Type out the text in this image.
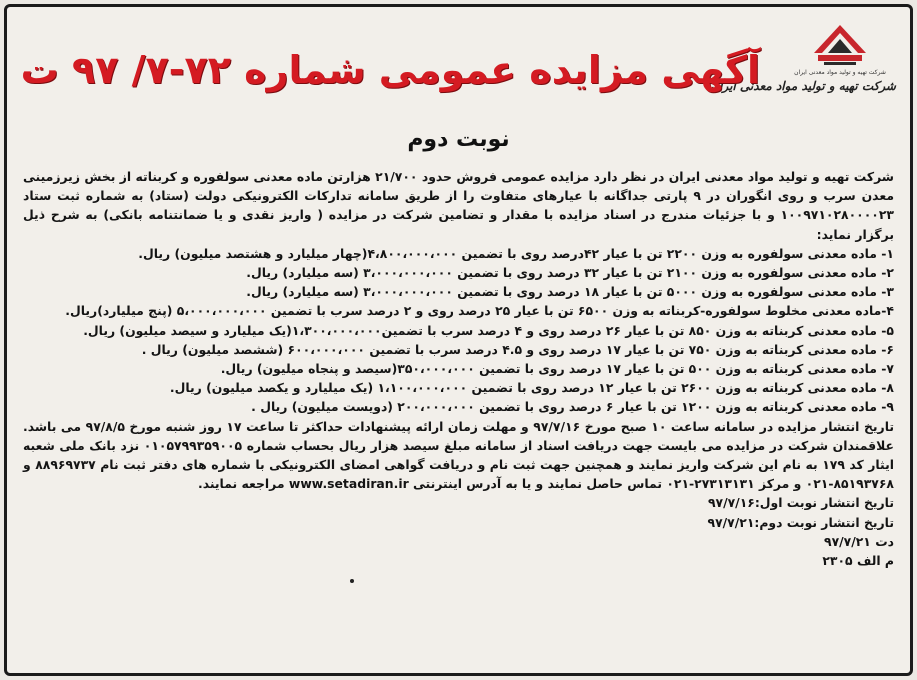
شرکت تهیه و تولید مواد معدنی ایران
شرکت تهیه و تولید مواد معدنی ایران
آگهی مزایده عمومی شماره ۷۲-۷/ ۹۷ ت
نوبت دوم

شرکت تهیه و تولید مواد معدنی ایران در نظر دارد مزایده عمومی فروش حدود ۲۱/۷۰۰ هزارتن ماده معدنی سولفوره و کربناته از بخش زیرزمینی معدن سرب و روی انگوران در ۹ پارتی جداگانه با عیارهای متفاوت را از طریق سامانه تدارکات الکترونیکی دولت (ستاد) به شماره ثبت ستاد ۱۰۰۹۷۱۰۲۸۰۰۰۰۲۳ و با جزئیات مندرج در اسناد مزایده با مقدار و تضامین شرکت در مزایده ( واریز نقدی و یا ضمانتنامه بانکی) به شرح ذیل برگزار نماید:

۱- ماده معدنی سولفوره به وزن ۲۲۰۰ تن با عیار ۴۲درصد روی با تضمین ۴،۸۰۰،۰۰۰،۰۰۰(چهار میلیارد و هشتصد میلیون) ریال.

۲- ماده معدنی سولفوره به وزن ۲۱۰۰ تن با عیار ۳۲ درصد روی با تضمین ۳،۰۰۰،۰۰۰،۰۰۰ (سه میلیارد) ریال.

۳- ماده معدنی سولفوره به وزن ۵۰۰۰ تن با عیار ۱۸ درصد روی با تضمین ۳،۰۰۰،۰۰۰،۰۰۰ (سه میلیارد) ریال.

۴-ماده معدنی مخلوط سولفوره-کربناته به وزن ۶۵۰۰ تن با عیار ۲۵ درصد روی و ۲ درصد سرب با تضمین ۵،۰۰۰،۰۰۰،۰۰۰ (پنج میلیارد)ریال.

۵- ماده معدنی کربناته به وزن ۸۵۰ تن با عیار ۲۶ درصد روی و ۴ درصد سرب با تضمین۱،۳۰۰،۰۰۰،۰۰۰(یک میلیارد و سیصد میلیون) ریال.

۶- ماده معدنی کربناته به وزن ۷۵۰ تن با عیار ۱۷ درصد روی و ۴.۵ درصد سرب با تضمین ۶۰۰،۰۰۰،۰۰۰ (ششصد میلیون) ریال .

۷- ماده معدنی کربناته به وزن ۵۰۰ تن با عیار ۱۷ درصد روی با تضمین ۳۵۰،۰۰۰،۰۰۰(سیصد و پنجاه میلیون) ریال.

۸- ماده معدنی کربناته به وزن ۲۶۰۰ تن با عیار ۱۲ درصد روی با تضمین ۱،۱۰۰،۰۰۰،۰۰۰ (یک میلیارد و یکصد میلیون) ریال.

۹- ماده معدنی کربناته به وزن ۱۲۰۰ تن با عیار ۶ درصد روی با تضمین ۲۰۰،۰۰۰،۰۰۰ (دویست میلیون) ریال .

تاریخ انتشار مزایده در سامانه ساعت ۱۰ صبح مورخ ۹۷/۷/۱۶ و مهلت زمان ارائه پیشنهادات حداکثر تا ساعت ۱۷ روز شنبه مورخ ۹۷/۸/۵ می باشد. علاقمندان شرکت در مزایده می بایست جهت دریافت اسناد از سامانه مبلغ سیصد هزار ریال بحساب شماره ۰۱۰۵۷۹۹۳۵۹۰۰۵ نزد بانک ملی شعبه ایثار کد ۱۷۹ به نام این شرکت واریز نمایند و همچنین جهت ثبت نام و دریافت گواهی امضای الکترونیکی با شماره های دفتر ثبت نام ۸۸۹۶۹۷۳۷ و ۸۵۱۹۳۷۶۸-۰۲۱ و مرکز ۲۷۳۱۳۱۳۱-۰۲۱ تماس حاصل نمایند و یا به آدرس اینترنتی www.setadiran.ir مراجعه نمایند.

تاریخ انتشار نوبت اول:۹۷/۷/۱۶

تاریخ انتشار نوبت دوم:۹۷/۷/۲۱

دت ۹۷/۷/۲۱

م الف ۲۳۰۵
